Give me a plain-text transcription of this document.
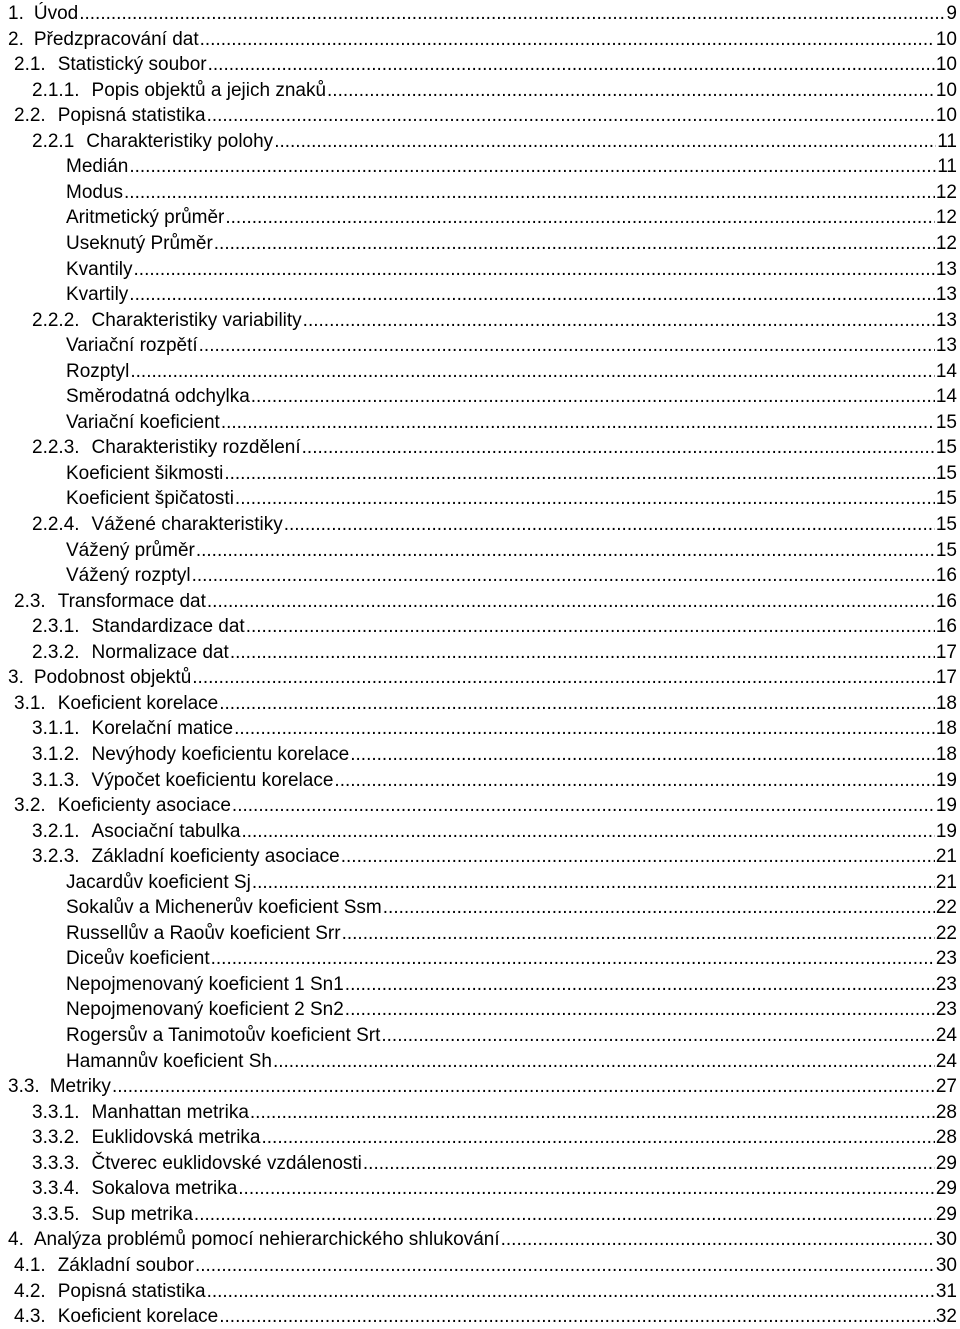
1. Úvod .....	9
2. Předzpracování dat .....	10
2.1. Statistický soubor .....	10
2.1.1. Popis objektů a jejich znaků .....	10
2.2. Popisná statistika .....	10
2.2.1 Charakteristiky polohy .....	11
Medián .....	11
Modus .....	12
Aritmetický průměr .....	12
Useknutý Průměr .....	12
Kvantily .....	13
Kvartily .....	13
2.2.2. Charakteristiky variability .....	13
Variační rozpětí .....	13
Rozptyl .....	14
Směrodatná odchylka .....	14
Variační koeficient .....	15
2.2.3. Charakteristiky rozdělení .....	15
Koeficient šikmosti .....	15
Koeficient špičatosti .....	15
2.2.4. Vážené charakteristiky .....	15
Vážený průměr .....	15
Vážený rozptyl .....	16
2.3. Transformace dat .....	16
2.3.1. Standardizace dat .....	16
2.3.2. Normalizace dat .....	17
3. Podobnost objektů .....	17
3.1. Koeficient korelace .....	18
3.1.1. Korelační matice .....	18
3.1.2. Nevýhody koeficientu korelace .....	18
3.1.3. Výpočet koeficientu korelace .....	19
3.2. Koeficienty asociace .....	19
3.2.1. Asociační tabulka .....	19
3.2.3. Základní koeficienty asociace .....	21
Jacardův koeficient Sj .....	21
Sokalův a Michenerův koeficient Ssm .....	22
Russellův a Raoův koeficient Srr .....	22
Diceův koeficient .....	23
Nepojmenovaný koeficient 1 Sn1 .....	23
Nepojmenovaný koeficient 2 Sn2 .....	23
Rogersův a Tanimotoův koeficient Srt .....	24
Hamannův koeficient Sh .....	24
3.3. Metriky .....	27
3.3.1. Manhattan metrika .....	28
3.3.2. Euklidovská metrika .....	28
3.3.3. Čtverec euklidovské vzdálenosti .....	29
3.3.4. Sokalova metrika .....	29
3.3.5. Sup metrika .....	29
4. Analýza problémů pomocí nehierarchického shlukování .....	30
4.1. Základní soubor .....	30
4.2. Popisná statistika .....	31
4.3. Koeficient korelace .....	32
